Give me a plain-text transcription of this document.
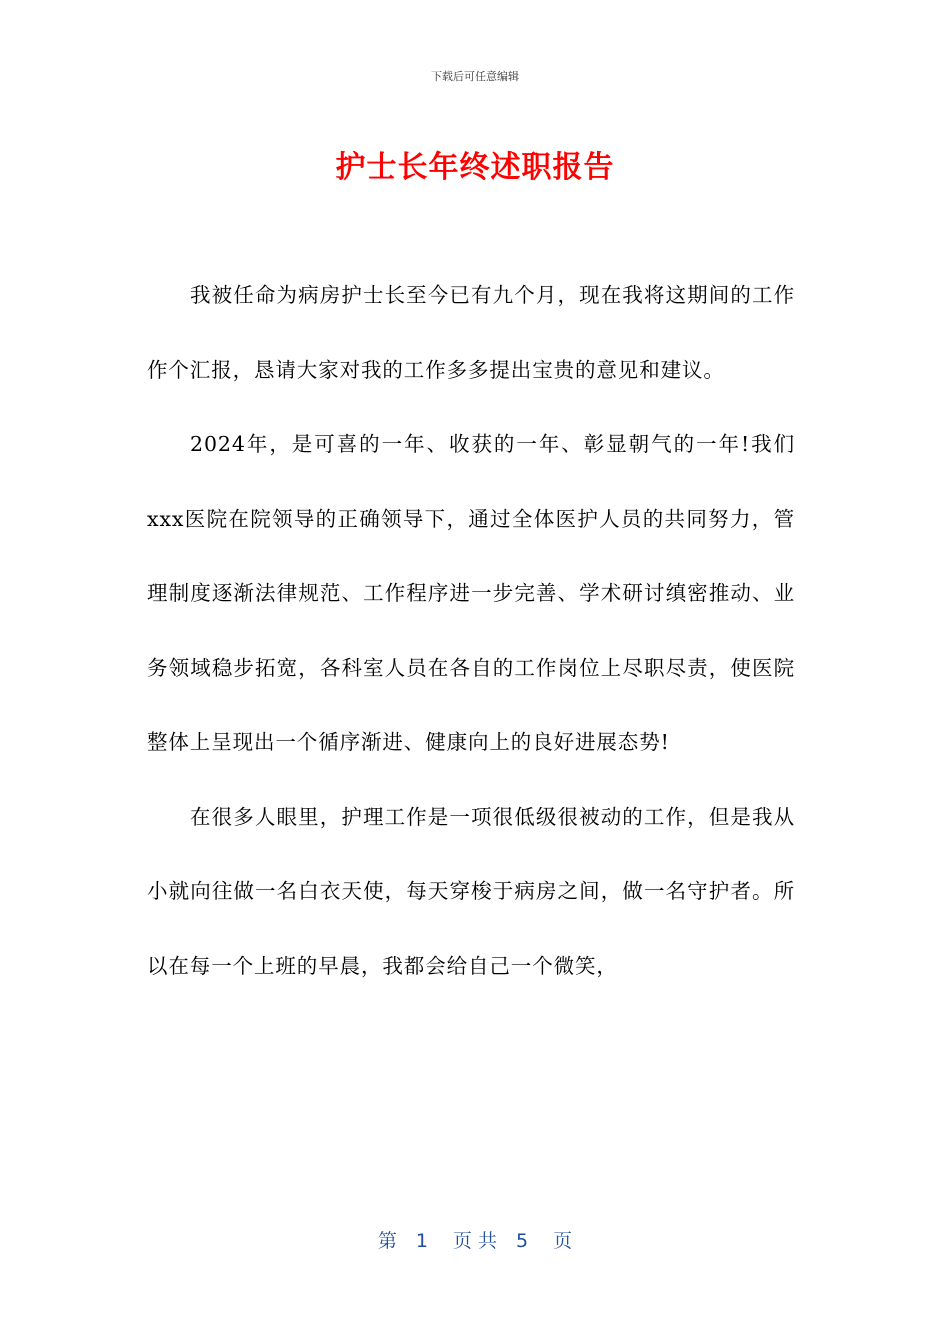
下载后可任意编辑
护士长年终述职报告

我被任命为病房护士长至今已有九个月，现在我将这期间的工作作个汇报，恳请大家对我的工作多多提出宝贵的意见和建议。

2024年，是可喜的一年、收获的一年、彰显朝气的一年!我们xxx医院在院领导的正确领导下，通过全体医护人员的共同努力，管理制度逐渐法律规范、工作程序进一步完善、学术研讨缜密推动、业务领域稳步拓宽，各科室人员在各自的工作岗位上尽职尽责，使医院整体上呈现出一个循序渐进、健康向上的良好进展态势!

在很多人眼里，护理工作是一项很低级很被动的工作，但是我从小就向往做一名白衣天使，每天穿梭于病房之间，做一名守护者。所以在每一个上班的早晨，我都会给自己一个微笑，

第　1　 页 共　5　 页
